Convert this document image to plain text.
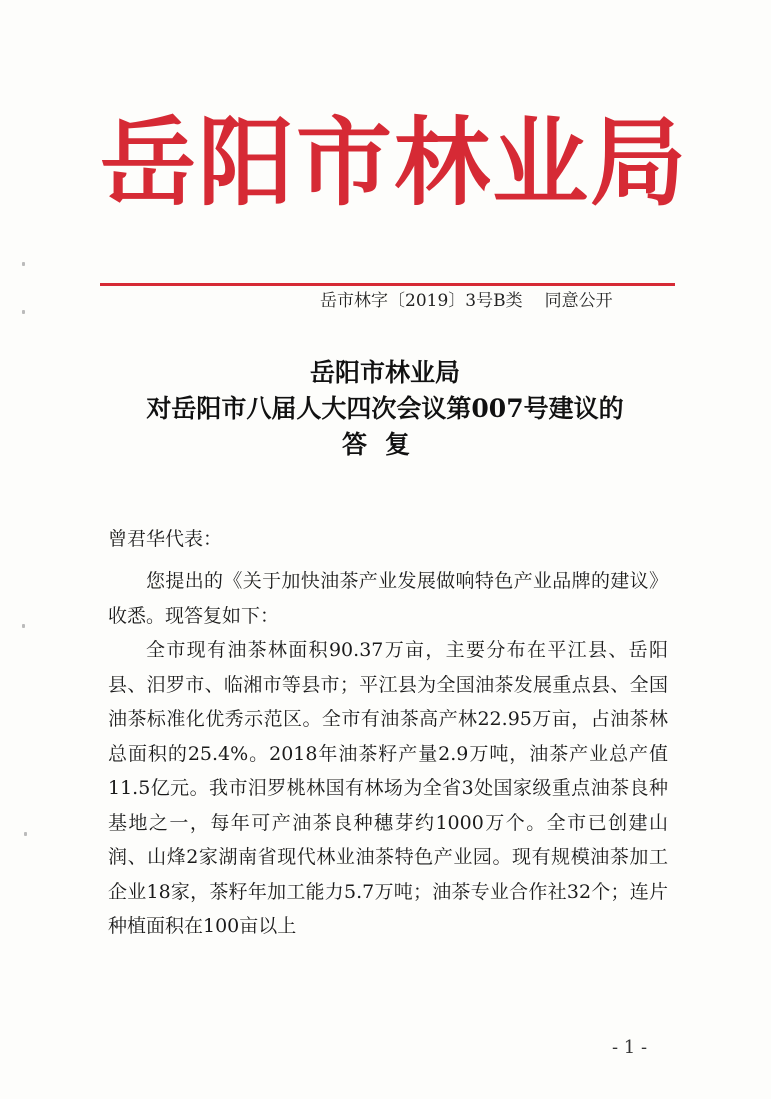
岳阳市林业局
岳市林字〔2019〕3号B类 同意公开
岳阳市林业局
对岳阳市八届人大四次会议第007号建议的
答复
曾君华代表：

您提出的《关于加快油茶产业发展做响特色产业品牌的建议》收悉。现答复如下：

全市现有油茶林面积90.37万亩，主要分布在平江县、岳阳县、汨罗市、临湘市等县市；平江县为全国油茶发展重点县、全国油茶标准化优秀示范区。全市有油茶高产林22.95万亩，占油茶林总面积的25.4%。2018年油茶籽产量2.9万吨，油茶产业总产值11.5亿元。我市汨罗桃林国有林场为全省3处国家级重点油茶良种基地之一，每年可产油茶良种穗芽约1000万个。全市已创建山润、山烽2家湖南省现代林业油茶特色产业园。现有规模油茶加工企业18家，茶籽年加工能力5.7万吨；油茶专业合作社32个；连片种植面积在100亩以上

- 1 -
